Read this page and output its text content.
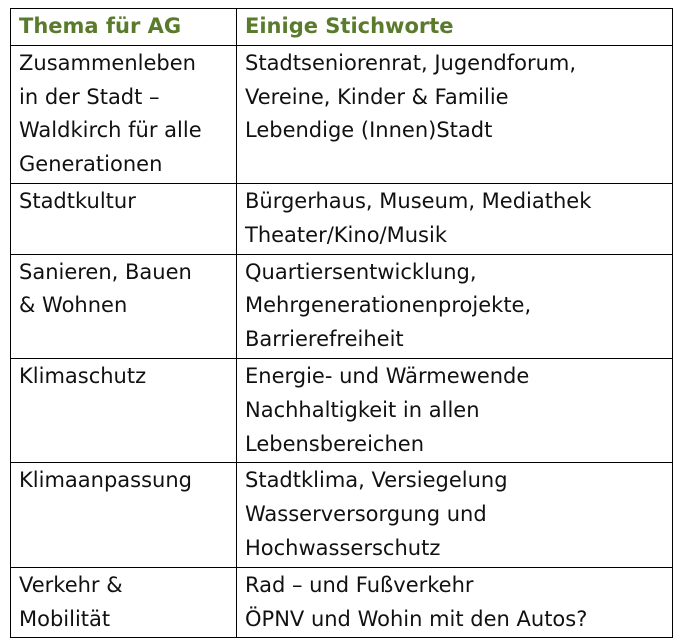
Thema für AG	Einige Stichworte

Zusammenleben
in der Stadt –
Waldkirch für alle
Generationen	Stadtseniorenrat, Jugendforum,
Vereine, Kinder & Familie
Lebendige (Innen)Stadt

Stadtkultur	Bürgerhaus, Museum, Mediathek
Theater/Kino/Musik

Sanieren, Bauen
& Wohnen	Quartiersentwicklung,
Mehrgenerationenprojekte,
Barrierefreiheit

Klimaschutz	Energie- und Wärmewende
Nachhaltigkeit in allen
Lebensbereichen

Klimaanpassung	Stadtklima, Versiegelung
Wasserversorgung und
Hochwasserschutz

Verkehr &
Mobilität	Rad – und Fußverkehr
ÖPNV und Wohin mit den Autos?
